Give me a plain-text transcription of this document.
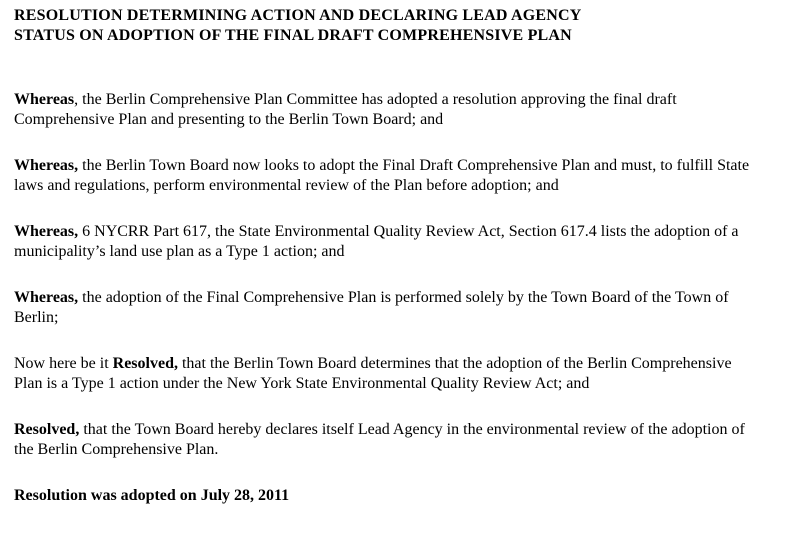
RESOLUTION DETERMINING ACTION AND DECLARING LEAD AGENCY
STATUS ON ADOPTION OF THE FINAL DRAFT COMPREHENSIVE PLAN

Whereas, the Berlin Comprehensive Plan Committee has adopted a resolution approving the final draft Comprehensive Plan and presenting to the Berlin Town Board; and

Whereas, the Berlin Town Board now looks to adopt the Final Draft Comprehensive Plan and must, to fulfill State laws and regulations, perform environmental review of the Plan before adoption; and

Whereas, 6 NYCRR Part 617, the State Environmental Quality Review Act, Section 617.4 lists the adoption of a municipality’s land use plan as a Type 1 action; and

Whereas, the adoption of the Final Comprehensive Plan is performed solely by the Town Board of the Town of Berlin;

Now here be it Resolved, that the Berlin Town Board determines that the adoption of the Berlin Comprehensive Plan is a Type 1 action under the New York State Environmental Quality Review Act; and

Resolved, that the Town Board hereby declares itself Lead Agency in the environmental review of the adoption of the Berlin Comprehensive Plan.

Resolution was adopted on July 28, 2011
